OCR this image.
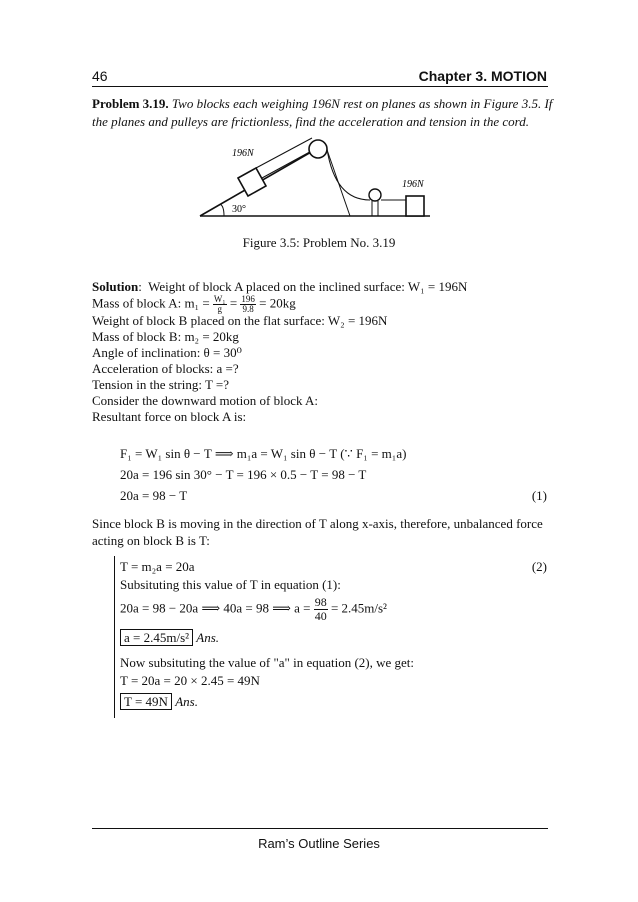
46	Chapter 3. MOTION
Problem 3.19. Two blocks each weighing 196N rest on planes as shown in Figure 3.5. If
the planes and pulleys are frictionless, find the acceleration and tension in the cord.
196N
196N
30°
Figure 3.5: Problem No. 3.19
Solution:  Weight of block A placed on the inclined surface: W₁ = 196N
Mass of block A: $m_1 = \frac{\text{W₁}}{g} = \frac{196}{9.8} = 20kg$
Weight of block B placed on the flat surface: W₂ = 196N
Mass of block B: m₂ = 20kg
Angle of inclination: θ = 30⁰
Acceleration of blocks: a =?
Tension in the string: T =?
Consider the downward motion of block A:
Resultant force on block A is:
F₁ = W₁ sin θ − T ⟹ m₁a = W₁ sin θ − T (∵ F₁ = m₁a)
20a = 196 sin 30° − T = 196 × 0.5 − T = 98 − T
20a = 98 − T	(1)
Since block B is moving in the direction of T along x-axis, therefore, unbalanced force
acting on block B is T:
T = m₂a = 20a	(2)
Subsituting this value of T in equation (1):
20a = 98 − 20a ⟹ 40a = 98 ⟹ $a = \frac{98}{40} = 2.45m/s^2$
a = 2.45m/s² Ans.
Now subsituting the value of "a" in equation (2), we get:
T = 20a = 20 × 2.45 = 49N
T = 49N Ans.
Ram’s Outline Series
